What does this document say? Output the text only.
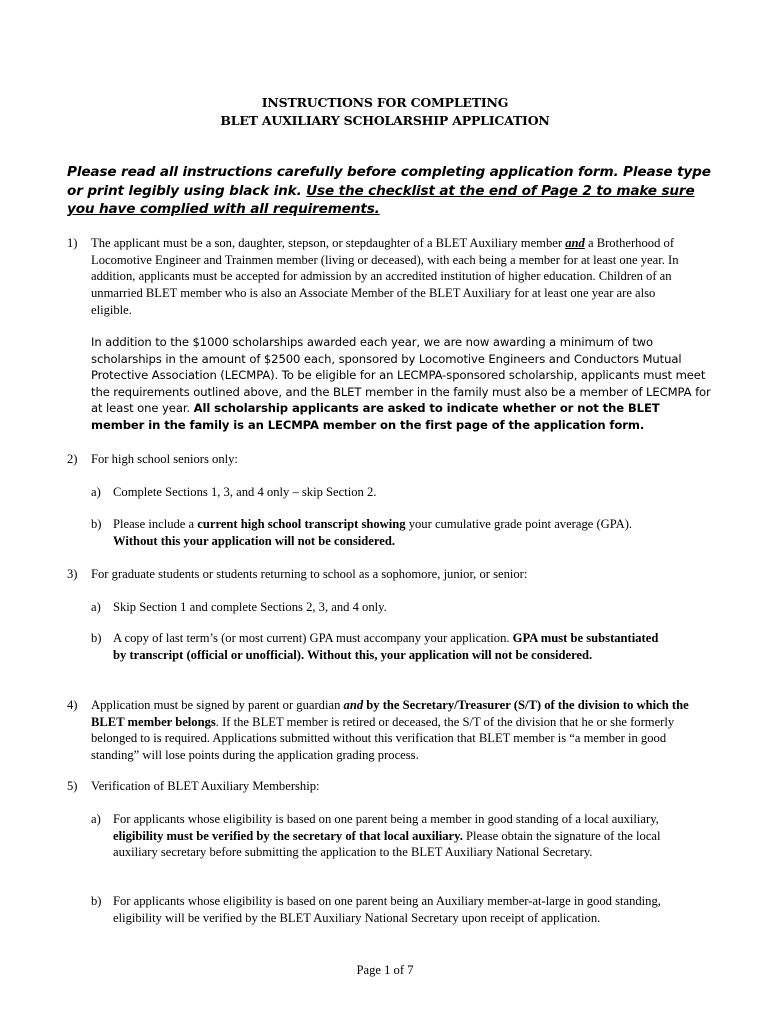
INSTRUCTIONS FOR COMPLETING
BLET AUXILIARY SCHOLARSHIP APPLICATION
Please read all instructions carefully before completing application form. Please type or print legibly using black ink. Use the checklist at the end of Page 2 to make sure you have complied with all requirements.
1) The applicant must be a son, daughter, stepson, or stepdaughter of a BLET Auxiliary member and a Brotherhood of Locomotive Engineer and Trainmen member (living or deceased), with each being a member for at least one year. In addition, applicants must be accepted for admission by an accredited institution of higher education. Children of an unmarried BLET member who is also an Associate Member of the BLET Auxiliary for at least one year are also eligible.
In addition to the $1000 scholarships awarded each year, we are now awarding a minimum of two scholarships in the amount of $2500 each, sponsored by Locomotive Engineers and Conductors Mutual Protective Association (LECMPA). To be eligible for an LECMPA-sponsored scholarship, applicants must meet the requirements outlined above, and the BLET member in the family must also be a member of LECMPA for at least one year. All scholarship applicants are asked to indicate whether or not the BLET member in the family is an LECMPA member on the first page of the application form.
2) For high school seniors only:
a) Complete Sections 1, 3, and 4 only – skip Section 2.
b) Please include a current high school transcript showing your cumulative grade point average (GPA). Without this your application will not be considered.
3) For graduate students or students returning to school as a sophomore, junior, or senior:
a) Skip Section 1 and complete Sections 2, 3, and 4 only.
b) A copy of last term’s (or most current) GPA must accompany your application. GPA must be substantiated by transcript (official or unofficial). Without this, your application will not be considered.
4) Application must be signed by parent or guardian and by the Secretary/Treasurer (S/T) of the division to which the BLET member belongs. If the BLET member is retired or deceased, the S/T of the division that he or she formerly belonged to is required. Applications submitted without this verification that BLET member is “a member in good standing” will lose points during the application grading process.
5) Verification of BLET Auxiliary Membership:
a) For applicants whose eligibility is based on one parent being a member in good standing of a local auxiliary, eligibility must be verified by the secretary of that local auxiliary. Please obtain the signature of the local auxiliary secretary before submitting the application to the BLET Auxiliary National Secretary.
b) For applicants whose eligibility is based on one parent being an Auxiliary member-at-large in good standing, eligibility will be verified by the BLET Auxiliary National Secretary upon receipt of application.
Page 1 of 7
